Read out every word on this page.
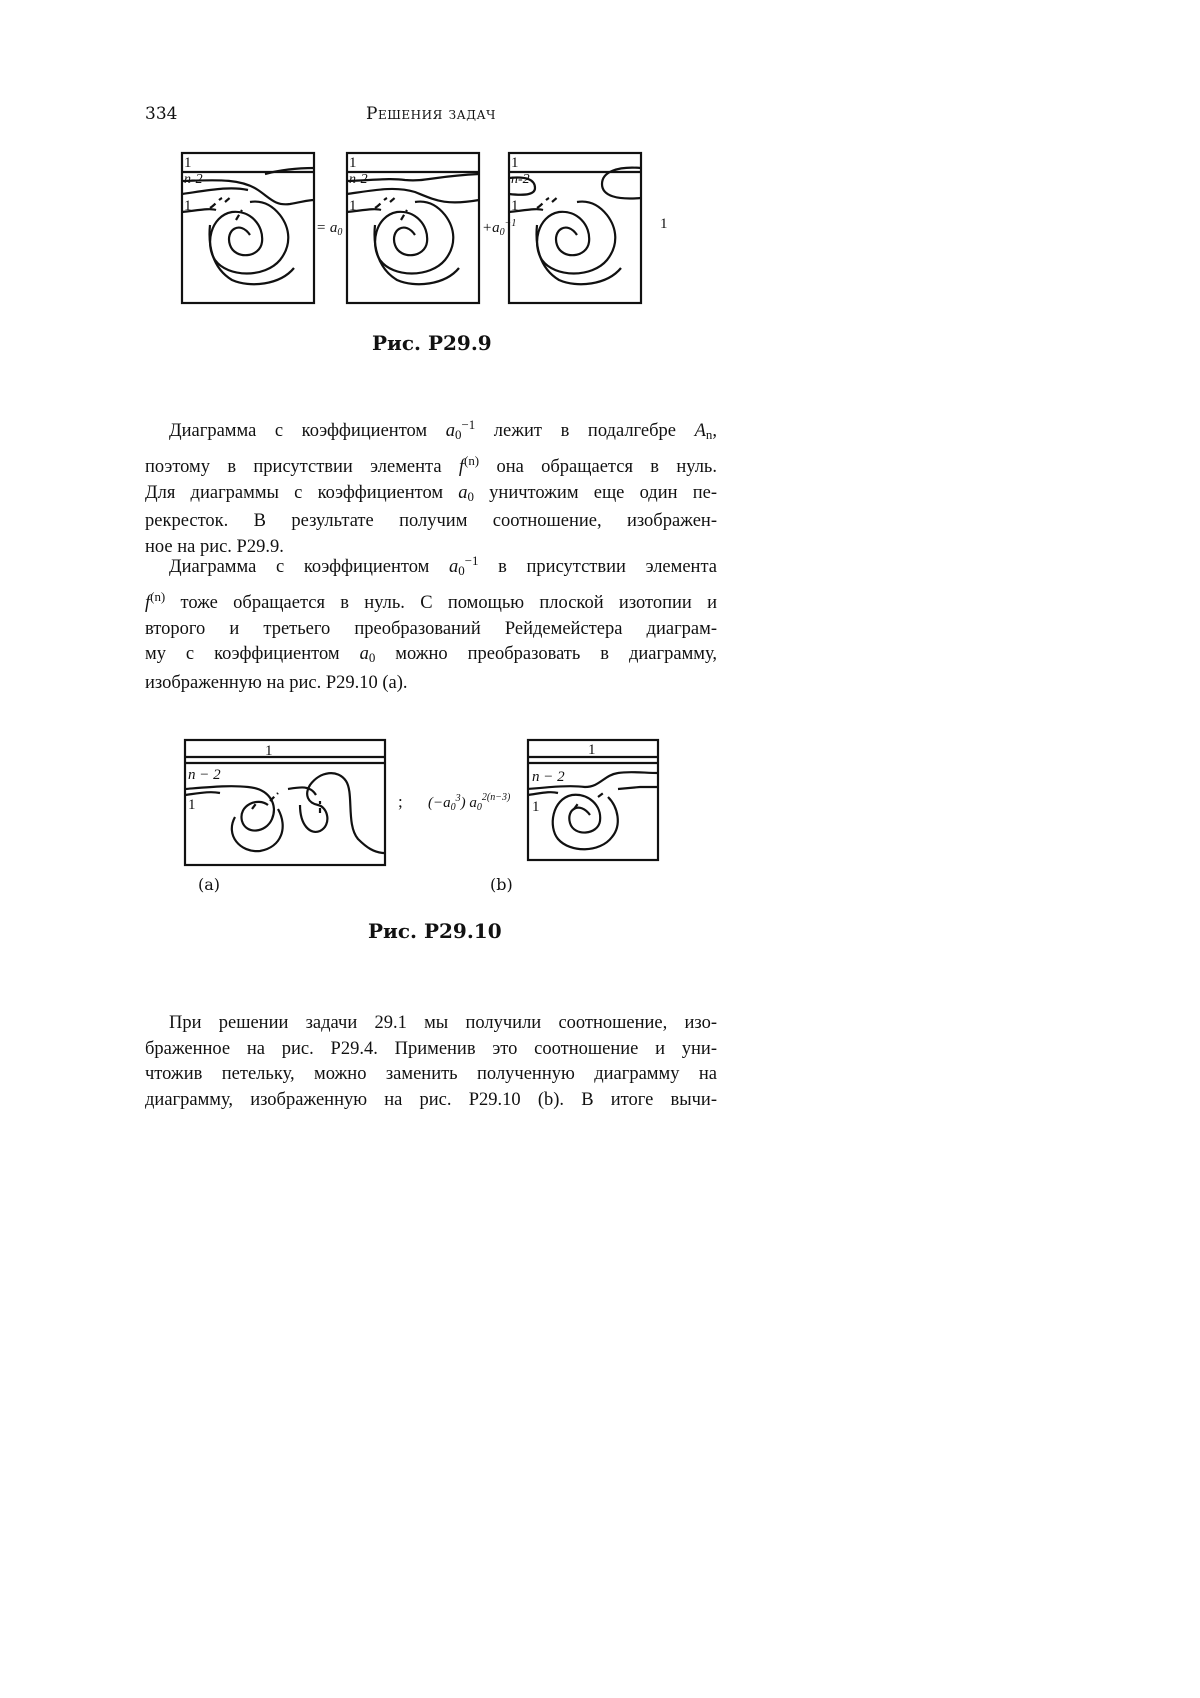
334	Решения задач
1
n-2
1
= $a_0$
1
n-2
1
$+a_0^{-1}$
1
n-2
1
1
Рис. P29.9
Диаграмма с коэффициентом $a_0^{-1}$ лежит в подалгебре $A_n$,
поэтому в присутствии элемента $f^{(n)}$ она обращается в нуль.
Для диаграммы с коэффициентом $a_0$ уничтожим еще один пе-
рекресток. В результате получим соотношение, изображен-
ное на рис. P29.9.
Диаграмма с коэффициентом $a_0^{-1}$ в присутствии элемента
$f^{(n)}$ тоже обращается в нуль. С помощью плоской изотопии и
второго и третьего преобразований Рейдемейстера диаграм-
му с коэффициентом $a_0$ можно преобразовать в диаграмму,
изображенную на рис. P29.10 (a).
1
n − 2
1	; $(-a_0^3)$ $a_0^{2(n-3)}$
1
n − 2
1
(a)	(b)
Рис. P29.10
При решении задачи 29.1 мы получили соотношение, изо-
браженное на рис. P29.4. Применив это соотношение и уни-
чтожив петельку, можно заменить полученную диаграмму на
диаграмму, изображенную на рис. P29.10 (b). В итоге вычи-
